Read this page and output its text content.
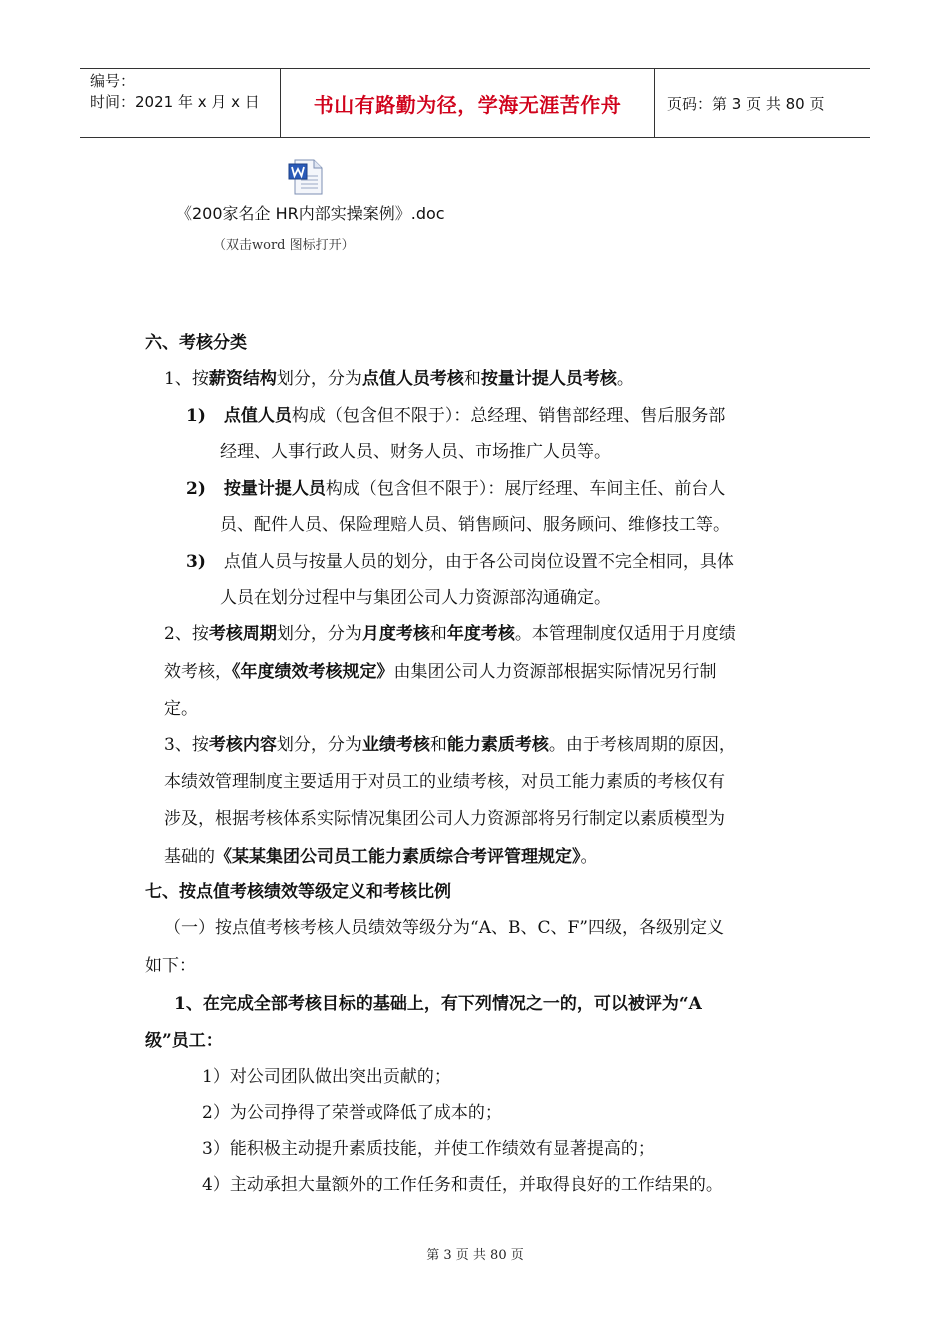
编号：
时间：2021 年 x 月 x 日	书山有路勤为径，学海无涯苦作舟	页码：第 3 页 共 80 页
《200家名企 HR内部实操案例》.doc
（双击word 图标打开）
六、考核分类
1、按薪资结构划分，分为点值人员考核和按量计提人员考核。
1) 点值人员构成（包含但不限于）：总经理、销售部经理、售后服务部
经理、人事行政人员、财务人员、市场推广人员等。
2) 按量计提人员构成（包含但不限于）：展厅经理、车间主任、前台人
员、配件人员、保险理赔人员、销售顾问、服务顾问、维修技工等。
3) 点值人员与按量人员的划分，由于各公司岗位设置不完全相同，具体
人员在划分过程中与集团公司人力资源部沟通确定。
2、按考核周期划分，分为月度考核和年度考核。本管理制度仅适用于月度绩
效考核，《年度绩效考核规定》由集团公司人力资源部根据实际情况另行制
定。
3、按考核内容划分，分为业绩考核和能力素质考核。由于考核周期的原因，
本绩效管理制度主要适用于对员工的业绩考核，对员工能力素质的考核仅有
涉及，根据考核体系实际情况集团公司人力资源部将另行制定以素质模型为
基础的《某某集团公司员工能力素质综合考评管理规定》。
七、按点值考核绩效等级定义和考核比例
（一）按点值考核考核人员绩效等级分为“A、B、C、F”四级，各级别定义
如下：
1、在完成全部考核目标的基础上，有下列情况之一的，可以被评为“A
级”员工：
1）对公司团队做出突出贡献的；
2）为公司挣得了荣誉或降低了成本的；
3）能积极主动提升素质技能，并使工作绩效有显著提高的；
4）主动承担大量额外的工作任务和责任，并取得良好的工作结果的。
第 3 页 共 80 页
